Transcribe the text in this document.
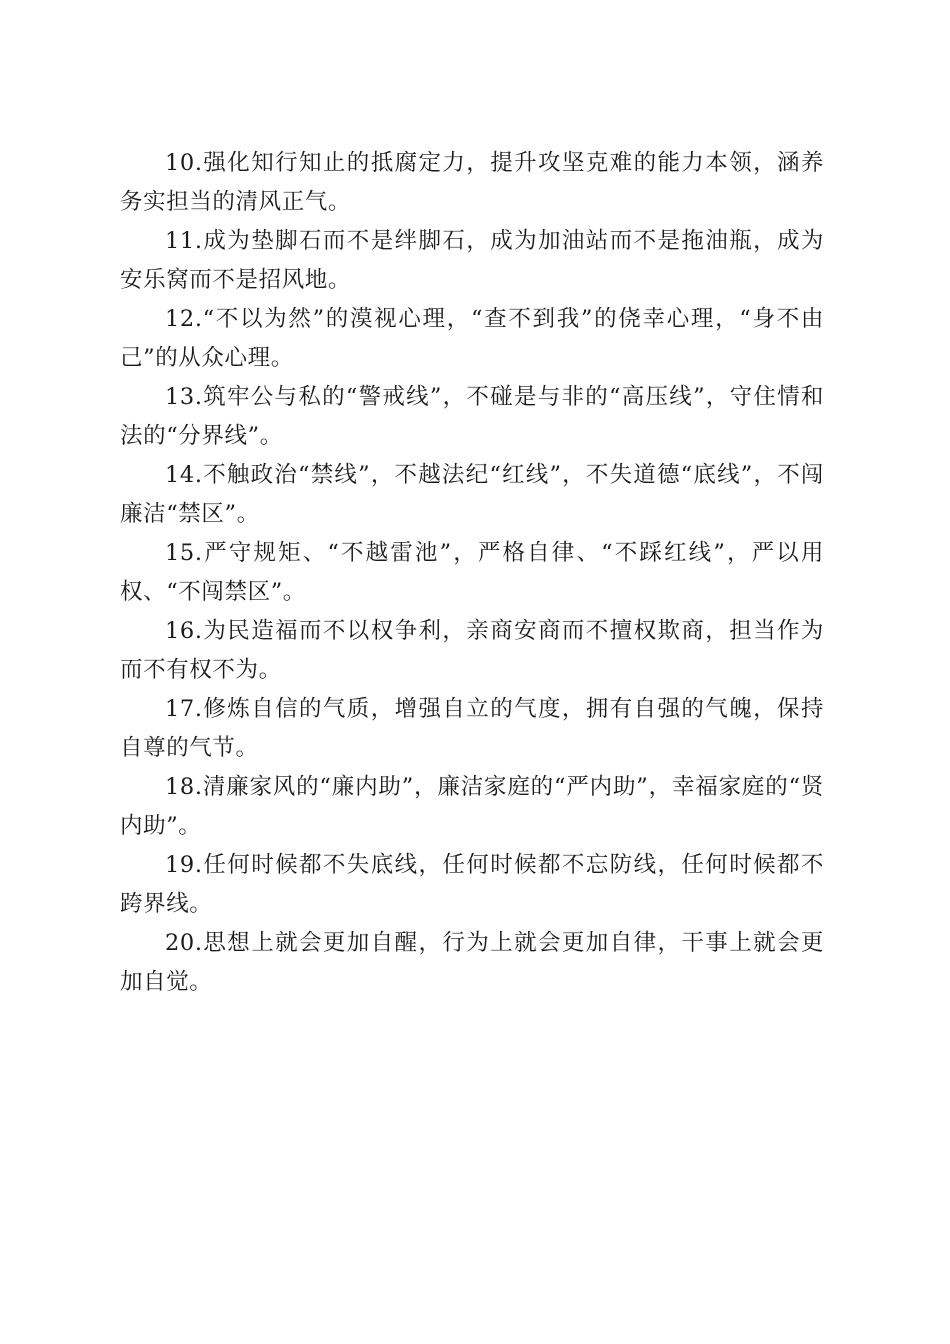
10.强化知行知止的抵腐定力，提升攻坚克难的能力本领，涵养务实担当的清风正气。

11.成为垫脚石而不是绊脚石，成为加油站而不是拖油瓶，成为安乐窝而不是招风地。

12.“不以为然”的漠视心理，“查不到我”的侥幸心理，“身不由己”的从众心理。

13.筑牢公与私的“警戒线”，不碰是与非的“高压线”，守住情和法的“分界线”。

14.不触政治“禁线”，不越法纪“红线”，不失道德“底线”，不闯廉洁“禁区”。

15.严守规矩、“不越雷池”，严格自律、“不踩红线”，严以用权、“不闯禁区”。

16.为民造福而不以权争利，亲商安商而不擅权欺商，担当作为而不有权不为。

17.修炼自信的气质，增强自立的气度，拥有自强的气魄，保持自尊的气节。

18.清廉家风的“廉内助”，廉洁家庭的“严内助”，幸福家庭的“贤内助”。

19.任何时候都不失底线，任何时候都不忘防线，任何时候都不跨界线。

20.思想上就会更加自醒，行为上就会更加自律，干事上就会更加自觉。
